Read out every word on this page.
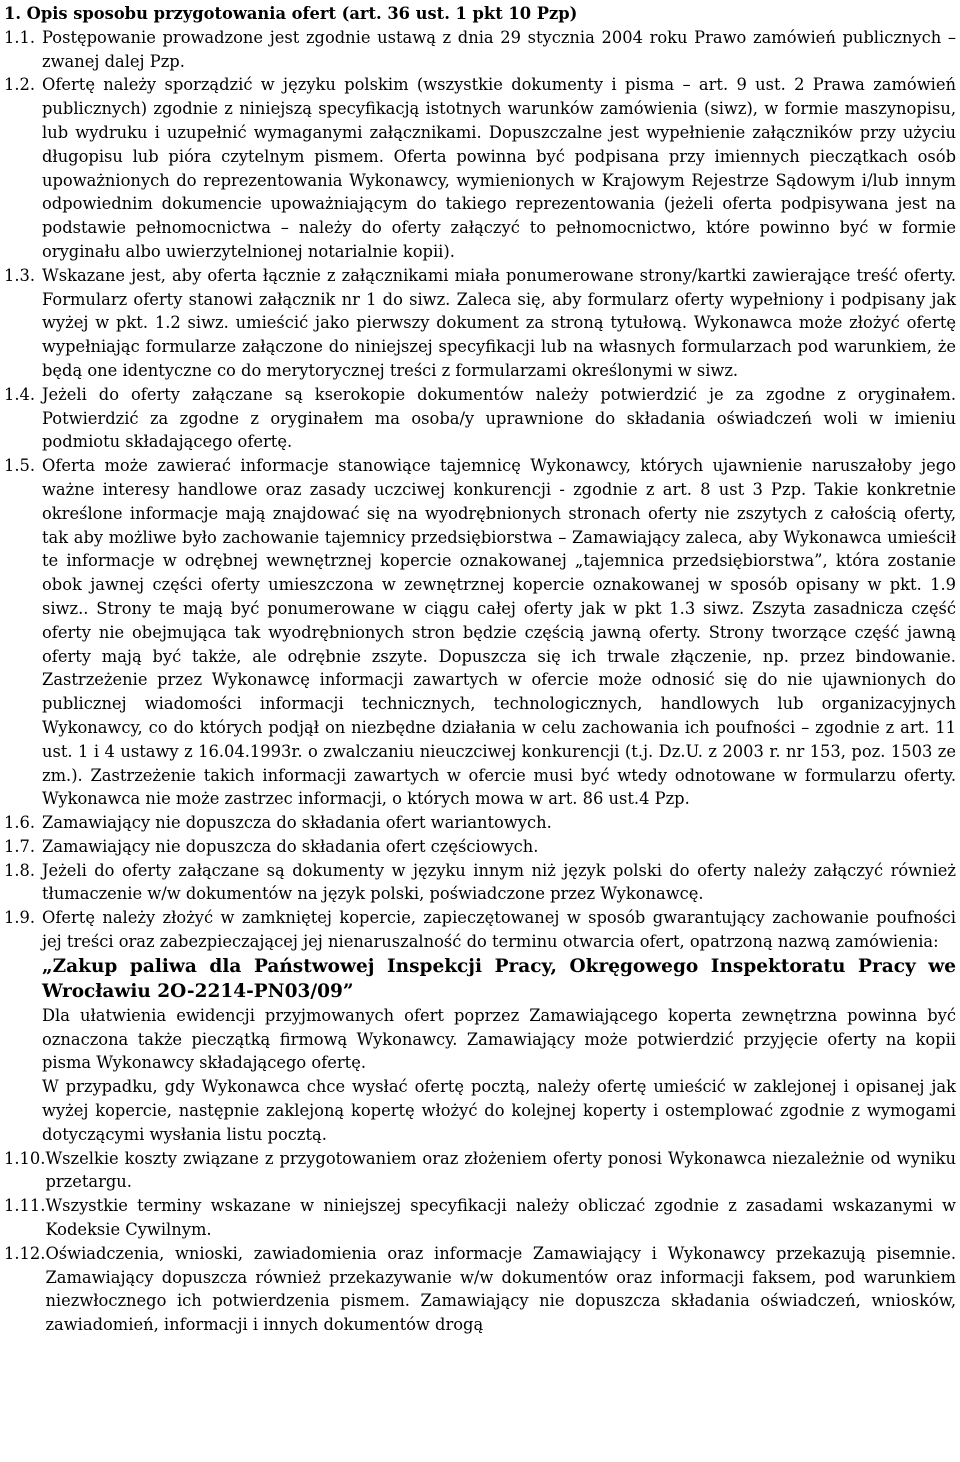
1. Opis sposobu przygotowania ofert (art. 36 ust. 1 pkt 10 Pzp)
1.1. Postępowanie prowadzone jest zgodnie ustawą z dnia 29 stycznia 2004 roku Prawo zamówień publicznych – zwanej dalej Pzp.

1.2. Ofertę należy sporządzić w języku polskim (wszystkie dokumenty i pisma – art. 9 ust. 2 Prawa zamówień publicznych) zgodnie z niniejszą specyfikacją istotnych warunków zamówienia (siwz), w formie maszynopisu, lub wydruku i uzupełnić wymaganymi załącznikami. Dopuszczalne jest wypełnienie załączników przy użyciu długopisu lub pióra czytelnym pismem. Oferta powinna być podpisana przy imiennych pieczątkach osób upoważnionych do reprezentowania Wykonawcy, wymienionych w Krajowym Rejestrze Sądowym i/lub innym odpowiednim dokumencie upoważniającym do takiego reprezentowania (jeżeli oferta podpisywana jest na podstawie pełnomocnictwa – należy do oferty załączyć to pełnomocnictwo, które powinno być w formie oryginału albo uwierzytelnionej notarialnie kopii).

1.3. Wskazane jest, aby oferta łącznie z załącznikami miała ponumerowane strony/kartki zawierające treść oferty. Formularz oferty stanowi załącznik nr 1 do siwz. Zaleca się, aby formularz oferty wypełniony i podpisany jak wyżej w pkt. 1.2 siwz. umieścić jako pierwszy dokument za stroną tytułową. Wykonawca może złożyć ofertę wypełniając formularze załączone do niniejszej specyfikacji lub na własnych formularzach pod warunkiem, że będą one identyczne co do merytorycznej treści z formularzami określonymi w siwz.

1.4. Jeżeli do oferty załączane są kserokopie dokumentów należy potwierdzić je za zgodne z oryginałem. Potwierdzić za zgodne z oryginałem ma osoba/y uprawnione do składania oświadczeń woli w imieniu podmiotu składającego ofertę.

1.5. Oferta może zawierać informacje stanowiące tajemnicę Wykonawcy, których ujawnienie naruszałoby jego ważne interesy handlowe oraz zasady uczciwej konkurencji - zgodnie z art. 8 ust 3 Pzp. Takie konkretnie określone informacje mają znajdować się na wyodrębnionych stronach oferty nie zszytych z całością oferty, tak aby możliwe było zachowanie tajemnicy przedsiębiorstwa – Zamawiający zaleca, aby Wykonawca umieścił te informacje w odrębnej wewnętrznej kopercie oznakowanej „tajemnica przedsiębiorstwa”, która zostanie obok jawnej części oferty umieszczona w zewnętrznej kopercie oznakowanej w sposób opisany w pkt. 1.9 siwz.. Strony te mają być ponumerowane w ciągu całej oferty jak w pkt 1.3 siwz. Zszyta zasadnicza część oferty nie obejmująca tak wyodrębnionych stron będzie częścią jawną oferty. Strony tworzące część jawną oferty mają być także, ale odrębnie zszyte. Dopuszcza się ich trwale złączenie, np. przez bindowanie. Zastrzeżenie przez Wykonawcę informacji zawartych w ofercie może odnosić się do nie ujawnionych do publicznej wiadomości informacji technicznych, technologicznych, handlowych lub organizacyjnych Wykonawcy, co do których podjął on niezbędne działania w celu zachowania ich poufności – zgodnie z art. 11 ust. 1 i 4 ustawy z 16.04.1993r. o zwalczaniu nieuczciwej konkurencji (t.j. Dz.U. z 2003 r. nr 153, poz. 1503 ze zm.). Zastrzeżenie takich informacji zawartych w ofercie musi być wtedy odnotowane w formularzu oferty. Wykonawca nie może zastrzec informacji, o których mowa w art. 86 ust.4 Pzp.

1.6. Zamawiający nie dopuszcza do składania ofert wariantowych.

1.7. Zamawiający nie dopuszcza do składania ofert częściowych.

1.8. Jeżeli do oferty załączane są dokumenty w języku innym niż język polski do oferty należy załączyć również tłumaczenie w/w dokumentów na język polski, poświadczone przez Wykonawcę.

1.9. Ofertę należy złożyć w zamkniętej kopercie, zapieczętowanej w sposób gwarantujący zachowanie poufności jej treści oraz zabezpieczającej jej nienaruszalność do terminu otwarcia ofert, opatrzoną nazwą zamówienia:

„Zakup paliwa dla Państwowej Inspekcji Pracy, Okręgowego Inspektoratu Pracy we Wrocławiu 2O-2214-PN03/09”

Dla ułatwienia ewidencji przyjmowanych ofert poprzez Zamawiającego koperta zewnętrzna powinna być oznaczona także pieczątką firmową Wykonawcy. Zamawiający może potwierdzić przyjęcie oferty na kopii pisma Wykonawcy składającego ofertę.

W przypadku, gdy Wykonawca chce wysłać ofertę pocztą, należy ofertę umieścić w zaklejonej i opisanej jak wyżej kopercie, następnie zaklejoną kopertę włożyć do kolejnej koperty i ostemplować zgodnie z wymogami dotyczącymi wysłania listu pocztą.

1.10. Wszelkie koszty związane z przygotowaniem oraz złożeniem oferty ponosi Wykonawca niezależnie od wyniku przetargu.

1.11. Wszystkie terminy wskazane w niniejszej specyfikacji należy obliczać zgodnie z zasadami wskazanymi w Kodeksie Cywilnym.

1.12. Oświadczenia, wnioski, zawiadomienia oraz informacje Zamawiający i Wykonawcy przekazują pisemnie. Zamawiający dopuszcza również przekazywanie w/w dokumentów oraz informacji faksem, pod warunkiem niezwłocznego ich potwierdzenia pismem. Zamawiający nie dopuszcza składania oświadczeń, wniosków, zawiadomień, informacji i innych dokumentów drogą
